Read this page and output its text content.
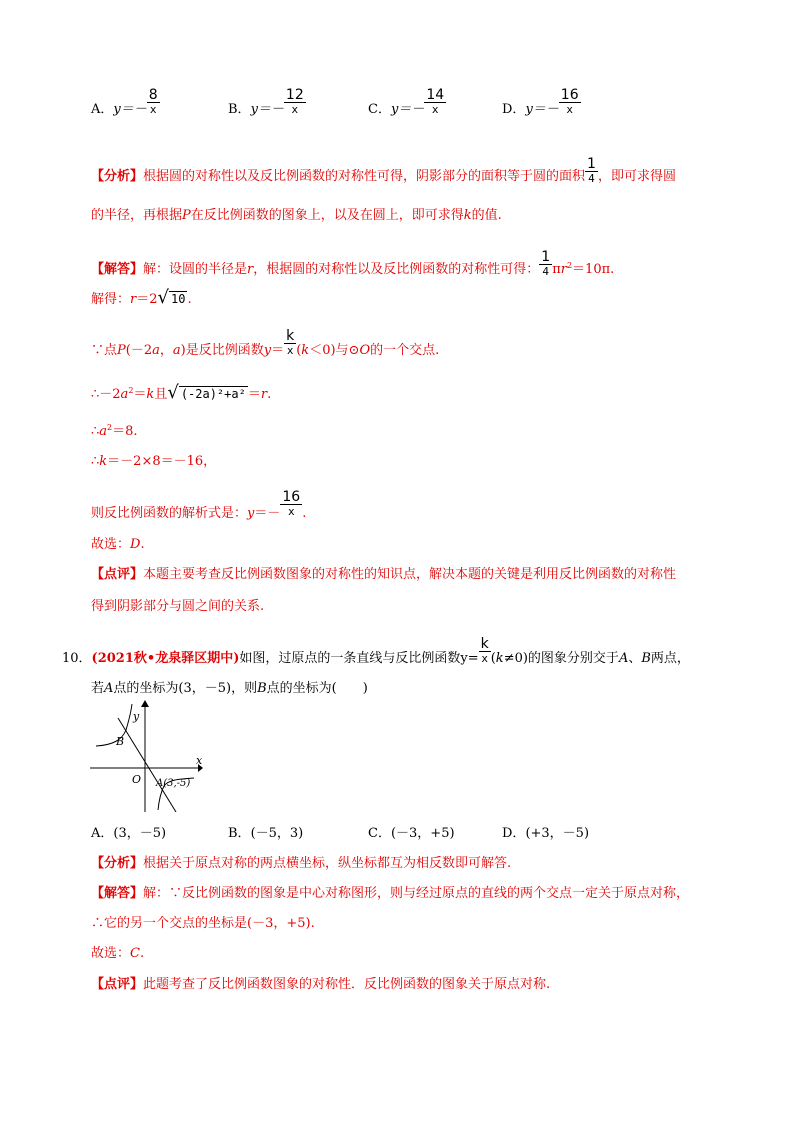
A．$y=- \frac{8}{x}$	B．$y=- \frac{12}{x}$	C．$y=- \frac{14}{x}$	D．$y=- \frac{16}{x}$
【分析】根据圆的对称性以及反比例函数的对称性可得，阴影部分的面积等于圆的面积 $\frac{1}{4}$ ，即可求得圆
的半径，再根据P在反比例函数的图象上，以及在圆上，即可求得k的值.
【解答】解：设圆的半径是r，根据圆的对称性以及反比例函数的对称性可得： $\frac{1}{4} \pi r^2=10\pi$.
解得：r＝2√ 10 .
∵点P(－2a，a)是反比例函数$y= \frac{k}{x} (k<0)$与⊙O的一个交点.
$\therefore-2a^2=k$且√ (-2a)²+a² ＝r.
$\therefore a^2=8$.
∴k＝－2×8＝－16，
则反比例函数的解析式是：$y=- \frac{16}{x}$ .
故选：D.
【点评】本题主要考查反比例函数图象的对称性的知识点，解决本题的关键是利用反比例函数的对称性
得到阴影部分与圆之间的关系.
10．(2021秋•龙泉驿区期中)如图，过原点的一条直线与反比例函数$y= \frac{k}{x} (k\ne 0)$的图象分别交于A、B两点，
若A点的坐标为(3，－5)，则B点的坐标为(　　)
y
x
O
B
A(3,-5)
A．(3，－5)	B．(－5，3)	C．(－3，+5)	D．(+3，－5)
【分析】根据关于原点对称的两点横坐标，纵坐标都互为相反数即可解答.
【解答】解：∵反比例函数的图象是中心对称图形，则与经过原点的直线的两个交点一定关于原点对称，
∴它的另一个交点的坐标是(－3，+5).
故选：C.
【点评】此题考查了反比例函数图象的对称性．反比例函数的图象关于原点对称.
